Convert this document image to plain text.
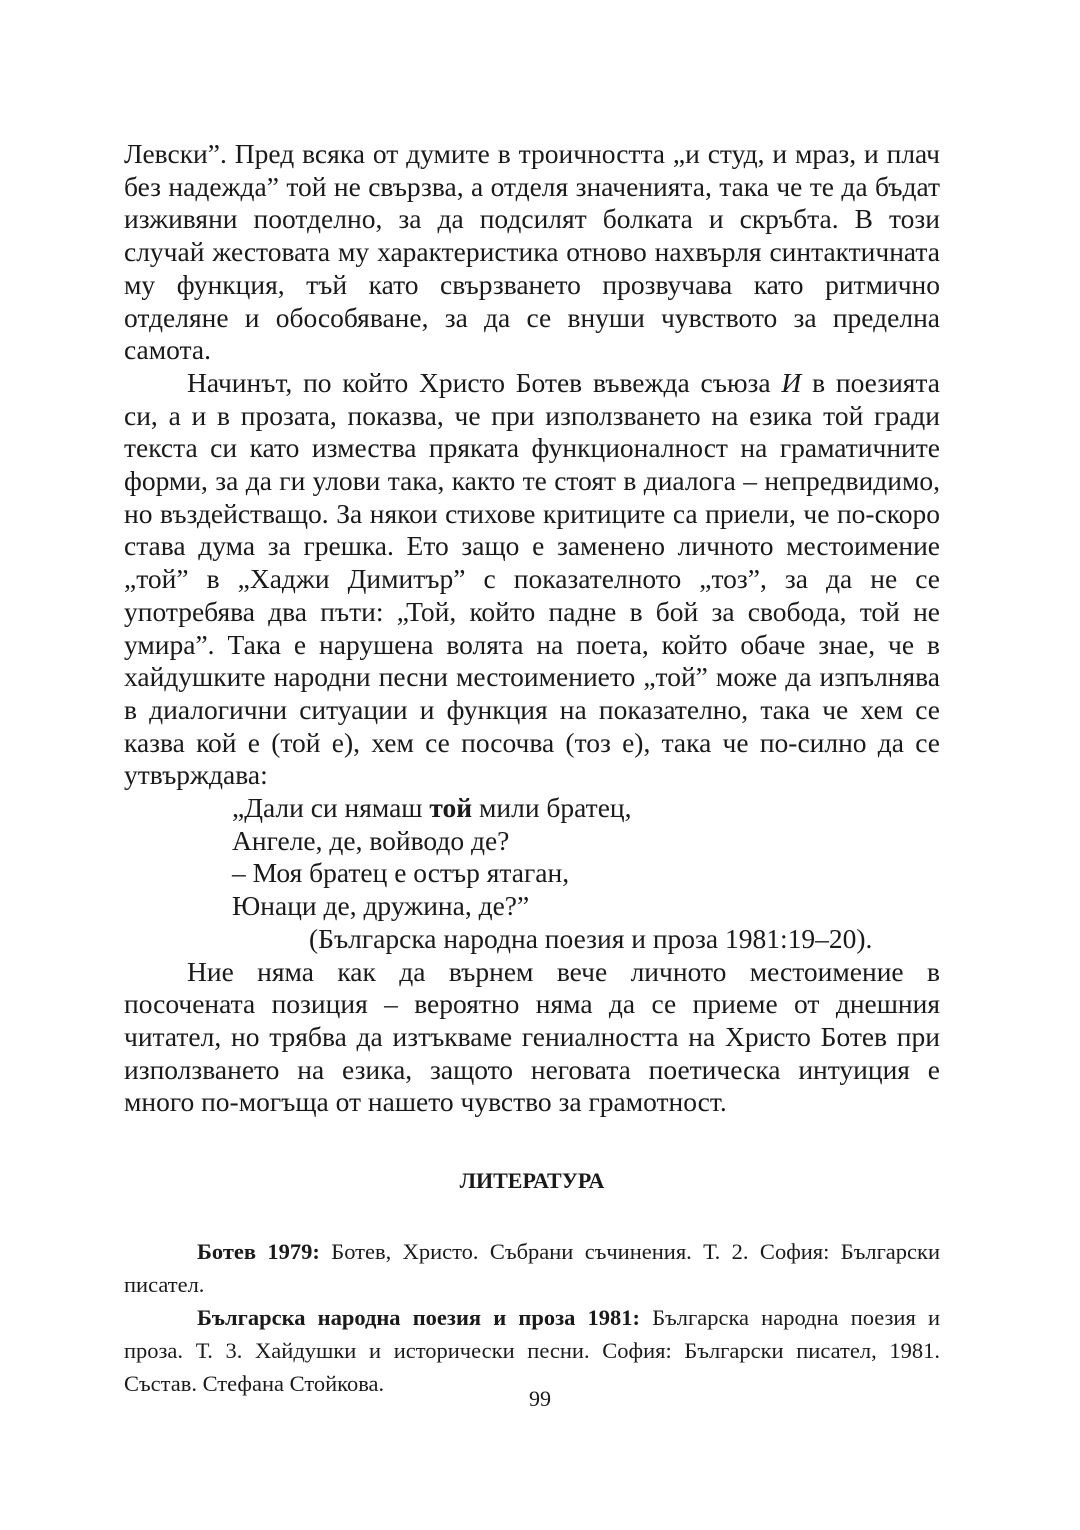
Левски”. Пред всяка от думите в троичността „и студ, и мраз, и плач без надежда” той не свързва, а отделя значенията, така че те да бъдат изживяни поотделно, за да подсилят болката и скръбта. В този случай жестовата му характеристика отново нахвърля синтактичната му функция, тъй като свързването прозвучава като ритмично отделяне и обособяване, за да се внуши чувството за пределна самота.

Начинът, по който Христо Ботев въвежда съюза И в поезията си, а и в прозата, показва, че при използването на езика той гради текста си като измества пряката функционалност на граматичните форми, за да ги улови така, както те стоят в диалога – непредвидимо, но въздействащо. За някои стихове критиците са приели, че по-скоро става дума за грешка. Ето защо е заменено личното местоимение „той” в „Хаджи Димитър” с показателното „тоз”, за да не се употребява два пъти: „Той, който падне в бой за свобода, той не умира”. Така е нарушена волята на поета, който обаче знае, че в хайдушките народни песни местоимението „той” може да изпълнява в диалогични ситуации и функция на показателно, така че хем се казва кой е (той е), хем се посочва (тоз е), така че по-силно да се утвърждава:

„Дали си нямаш той мили братец,
Ангеле, де, войводо де?
– Моя братец е остър ятаган,
Юнаци де, дружина, де?”
(Българска народна поезия и проза 1981:19–20).

Ние няма как да върнем вече личното местоимение в посочената позиция – вероятно няма да се приеме от днешния читател, но трябва да изтъкваме гениалността на Христо Ботев при използването на езика, защото неговата поетическа интуиция е много по-могъща от нашето чувство за грамотност.

ЛИТЕРАТУРА

Ботев 1979: Ботев, Христо. Събрани съчинения. Т. 2. София: Български писател.

Българска народна поезия и проза 1981: Българска народна поезия и проза. Т. 3. Хайдушки и исторически песни. София: Български писател, 1981. Състав. Стефана Стойкова.

99
